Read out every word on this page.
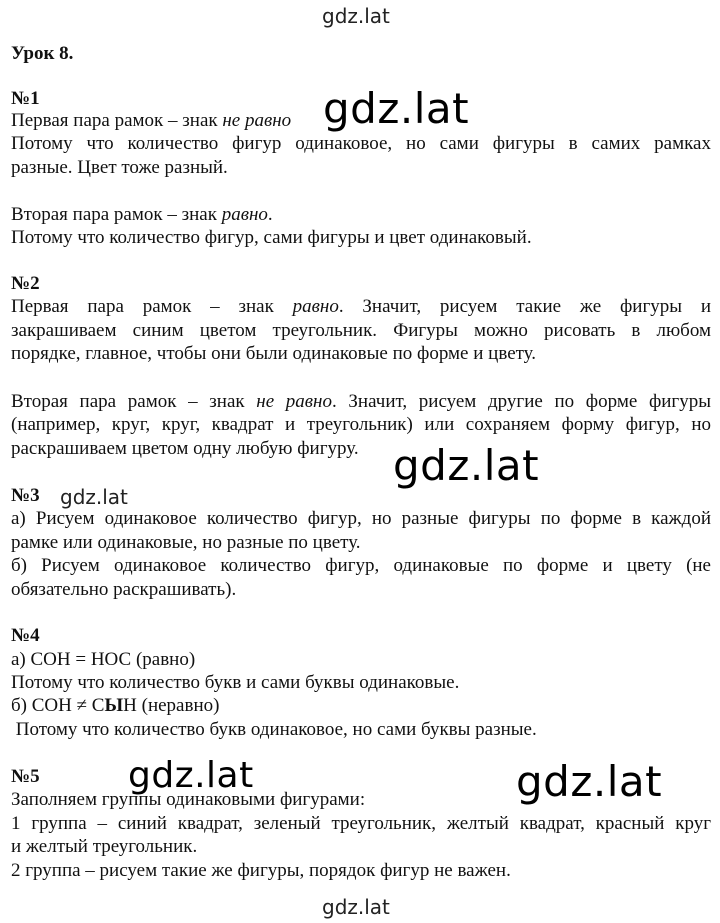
gdz.lat
gdz.lat
gdz.lat
gdz.lat
gdz.lat	gdz.lat
gdz.lat
Урок 8.
№1
Первая пара рамок – знак не равно
Потому что количество фигур одинаковое, но сами фигуры в самих рамках
разные. Цвет тоже разный.
Вторая пара рамок – знак равно.
Потому что количество фигур, сами фигуры и цвет одинаковый.
№2
Первая пара рамок – знак равно. Значит, рисуем такие же фигуры и
закрашиваем синим цветом треугольник. Фигуры можно рисовать в любом
порядке, главное, чтобы они были одинаковые по форме и цвету.
Вторая пара рамок – знак не равно. Значит, рисуем другие по форме фигуры
(например, круг, круг, квадрат и треугольник) или сохраняем форму фигур, но
раскрашиваем цветом одну любую фигуру.
№3
а) Рисуем одинаковое количество фигур, но разные фигуры по форме в каждой
рамке или одинаковые, но разные по цвету.
б) Рисуем одинаковое количество фигур, одинаковые по форме и цвету (не
обязательно раскрашивать).
№4
а) СОН = НОС (равно)
Потому что количество букв и сами буквы одинаковые.
б) СОН ≠ СЫН (неравно)
Потому что количество букв одинаковое, но сами буквы разные.
№5
Заполняем группы одинаковыми фигурами:
1 группа – синий квадрат, зеленый треугольник, желтый квадрат, красный круг
и желтый треугольник.
2 группа – рисуем такие же фигуры, порядок фигур не важен.
